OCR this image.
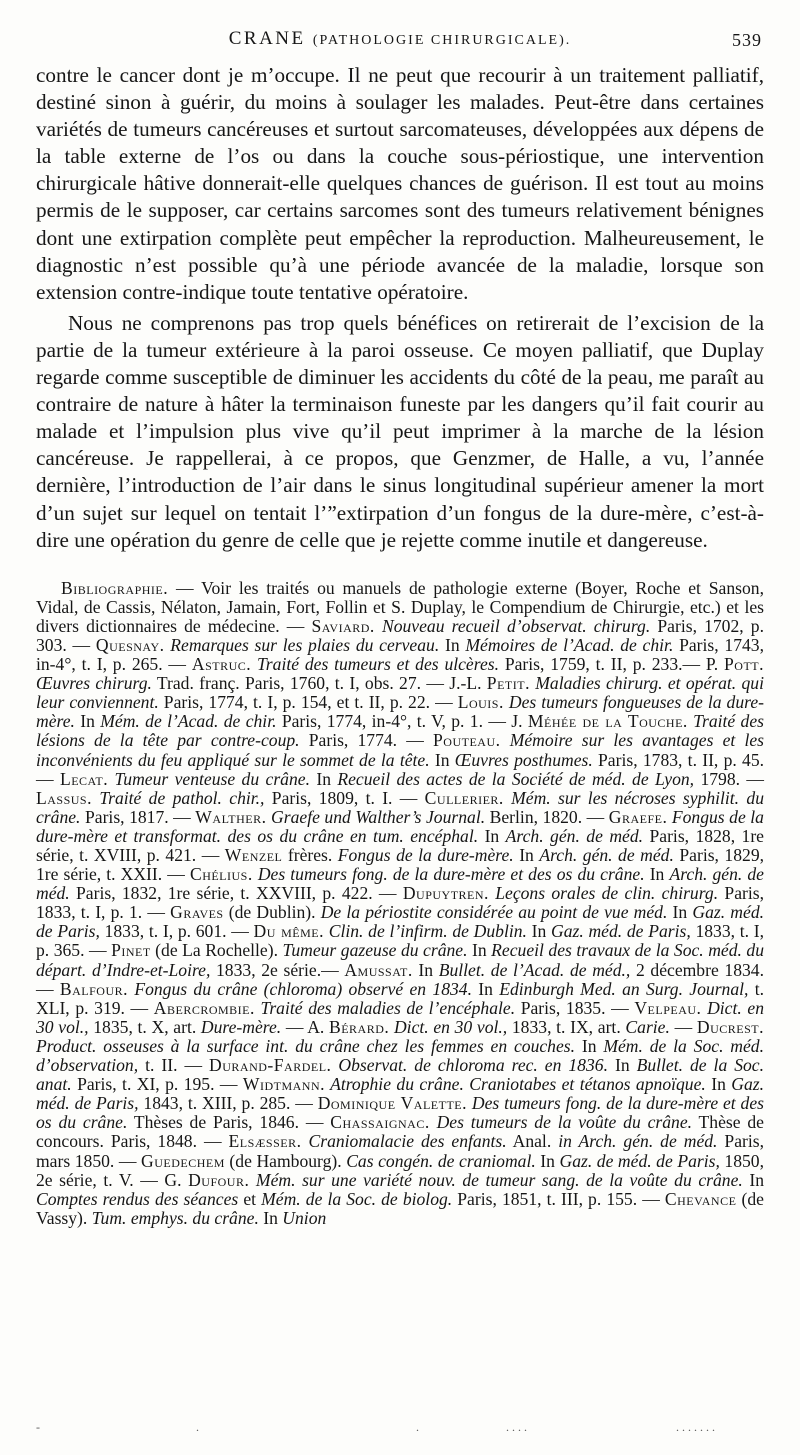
CRANE (PATHOLOGIE CHIRURGICALE).	539

contre le cancer dont je m’occupe. Il ne peut que recourir à un traitement palliatif, destiné sinon à guérir, du moins à soulager les malades. Peut-être dans certaines variétés de tumeurs cancéreuses et surtout sarcomateuses, développées aux dépens de la table externe de l’os ou dans la couche sous-périostique, une intervention chirurgicale hâtive donnerait-elle quelques chances de guérison. Il est tout au moins permis de le supposer, car certains sarcomes sont des tumeurs relativement bénignes dont une extirpation complète peut empêcher la reproduction. Malheureusement, le diagnostic n’est possible qu’à une période avancée de la maladie, lorsque son extension contre-indique toute tentative opératoire.

Nous ne comprenons pas trop quels bénéfices on retirerait de l’excision de la partie de la tumeur extérieure à la paroi osseuse. Ce moyen palliatif, que Duplay regarde comme susceptible de diminuer les accidents du côté de la peau, me paraît au contraire de nature à hâter la terminaison funeste par les dangers qu’il fait courir au malade et l’impulsion plus vive qu’il peut imprimer à la marche de la lésion cancéreuse. Je rappellerai, à ce propos, que Genzmer, de Halle, a vu, l’année dernière, l’introduction de l’air dans le sinus longitudinal supérieur amener la mort d’un sujet sur lequel on tentait l’”extirpation d’un fongus de la dure-mère, c’est-à-dire une opération du genre de celle que je rejette comme inutile et dangereuse.

Bibliographie. — Voir les traités ou manuels de pathologie externe (Boyer, Roche et Sanson, Vidal, de Cassis, Nélaton, Jamain, Fort, Follin et S. Duplay, le Compendium de Chirurgie, etc.) et les divers dictionnaires de médecine. — Saviard. Nouveau recueil d’observat. chirurg. Paris, 1702, p. 303. — Quesnay. Remarques sur les plaies du cerveau. In Mémoires de l’Acad. de chir. Paris, 1743, in-4°, t. I, p. 265. — Astruc. Traité des tumeurs et des ulcères. Paris, 1759, t. II, p. 233.— P. Pott. Œuvres chirurg. Trad. franç. Paris, 1760, t. I, obs. 27. — J.-L. Petit. Maladies chirurg. et opérat. qui leur conviennent. Paris, 1774, t. I, p. 154, et t. II, p. 22. — Louis. Des tumeurs fongueuses de la dure-mère. In Mém. de l’Acad. de chir. Paris, 1774, in-4°, t. V, p. 1. — J. Méhée de la Touche. Traité des lésions de la tête par contre-coup. Paris, 1774. — Pouteau. Mémoire sur les avantages et les inconvénients du feu appliqué sur le sommet de la tête. In Œuvres posthumes. Paris, 1783, t. II, p. 45. — Lecat. Tumeur venteuse du crâne. In Recueil des actes de la Société de méd. de Lyon, 1798. — Lassus. Traité de pathol. chir., Paris, 1809, t. I. — Cullerier. Mém. sur les nécroses syphilit. du crâne. Paris, 1817. — Walther. Graefe und Walther’s Journal. Berlin, 1820. — Graefe. Fongus de la dure-mère et transformat. des os du crâne en tum. encéphal. In Arch. gén. de méd. Paris, 1828, 1re série, t. XVIII, p. 421. — Wenzel frères. Fongus de la dure-mère. In Arch. gén. de méd. Paris, 1829, 1re série, t. XXII. — Chélius. Des tumeurs fong. de la dure-mère et des os du crâne. In Arch. gén. de méd. Paris, 1832, 1re série, t. XXVIII, p. 422. — Dupuytren. Leçons orales de clin. chirurg. Paris, 1833, t. I, p. 1. — Graves (de Dublin). De la périostite considérée au point de vue méd. In Gaz. méd. de Paris, 1833, t. I, p. 601. — Du même. Clin. de l’infirm. de Dublin. In Gaz. méd. de Paris, 1833, t. I, p. 365. — Pinet (de La Rochelle). Tumeur gazeuse du crâne. In Recueil des travaux de la Soc. méd. du départ. d’Indre-et-Loire, 1833, 2e série.— Amussat. In Bullet. de l’Acad. de méd., 2 décembre 1834. — Balfour. Fongus du crâne (chloroma) observé en 1834. In Edinburgh Med. an Surg. Journal, t. XLI, p. 319. — Abercrombie. Traité des maladies de l’encéphale. Paris, 1835. — Velpeau. Dict. en 30 vol., 1835, t. X, art. Dure-mère. — A. Bérard. Dict. en 30 vol., 1833, t. IX, art. Carie. — Ducrest. Product. osseuses à la surface int. du crâne chez les femmes en couches. In Mém. de la Soc. méd. d’observation, t. II. — Durand-Fardel. Observat. de chloroma rec. en 1836. In Bullet. de la Soc. anat. Paris, t. XI, p. 195. — Widtmann. Atrophie du crâne. Craniotabes et tétanos apnoïque. In Gaz. méd. de Paris, 1843, t. XIII, p. 285. — Dominique Valette. Des tumeurs fong. de la dure-mère et des os du crâne. Thèses de Paris, 1846. — Chassaignac. Des tumeurs de la voûte du crâne. Thèse de concours. Paris, 1848. — Elsæsser. Craniomalacie des enfants. Anal. in Arch. gén. de méd. Paris, mars 1850. — Guedechem (de Hambourg). Cas congén. de craniomal. In Gaz. de méd. de Paris, 1850, 2e série, t. V. — G. Dufour. Mém. sur une variété nouv. de tumeur sang. de la voûte du crâne. In Comptes rendus des séances et Mém. de la Soc. de biolog. Paris, 1851, t. III, p. 155. — Chevance (de Vassy). Tum. emphys. du crâne. In Union
-	.	.	. . . .	. . . . . . .
